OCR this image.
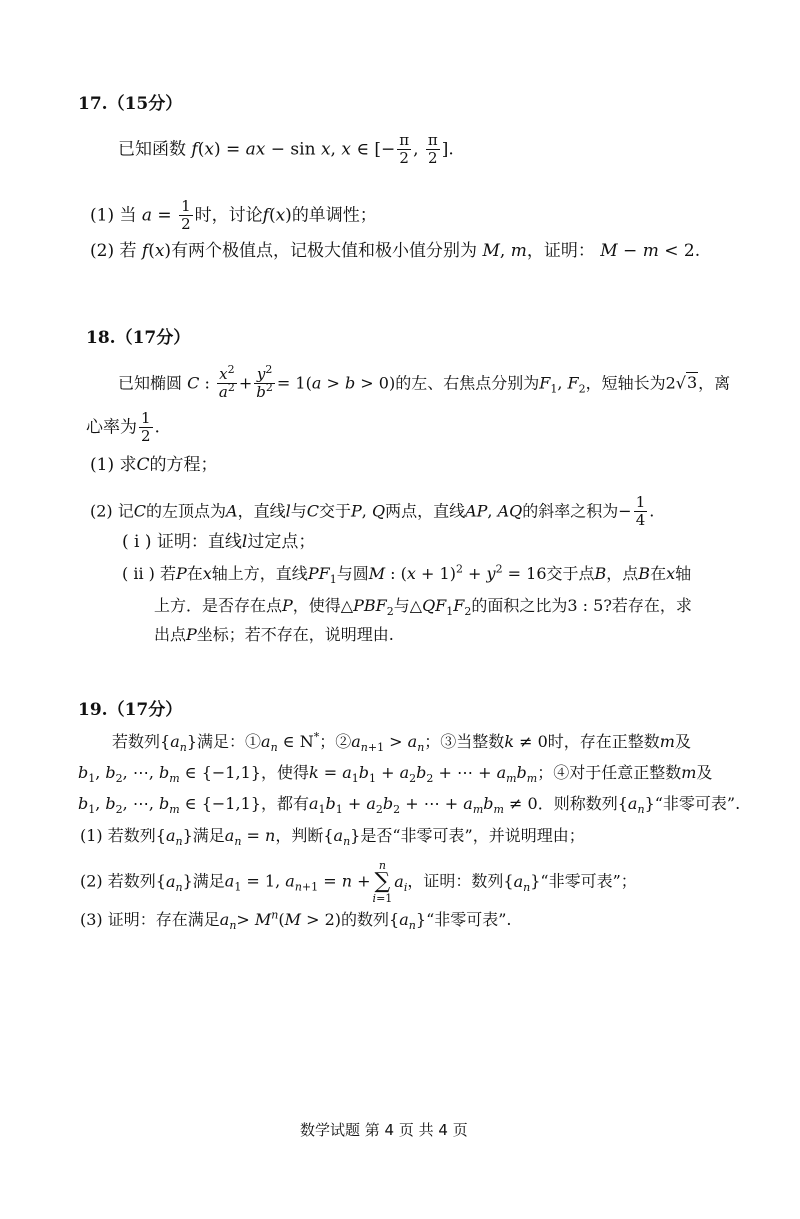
17.（15分）
已知函数 f(x) = ax − sin x, x ∈ [− $\frac{\pi}{2}$ , $\frac{\pi}{2}$ ].
(1) 当 $a = \frac{1}{2}$ 时，讨论f(x)的单调性；
(2) 若 f(x)有两个极值点，记极大值和极小值分别为 M, m，证明： M − m < 2.
18.（17分）
已知椭圆 C : $\frac{x^2}{a^2} + \frac{y^2}{b^2} = 1(a > b > 0)$的左、右焦点分别为$F_1$, $F_2$，短轴长为2√3，离
心率为 $\frac{1}{2}$ .
(1) 求C的方程；
(2) 记C的左顶点为A，直线l与C交于P, Q两点，直线AP, AQ的斜率之积为− $\frac{1}{4}$ .
( i ) 证明：直线l过定点；
( ii ) 若P在x轴上方，直线$PF_1$与圆M : $(x + 1)^2 + y^2 = 16$交于点B，点B在x轴
上方．是否存在点P，使得$\triangle PBF_2$与$\triangle QF_1F_2$的面积之比为3 : 5?若存在，求
出点P坐标；若不存在，说明理由.
19.（17分）
若数列$\{a_n\}$满足：$①a_n$ ∈ N*；$②a_{n+1} > a_n$；③当整数k ≠ 0时，存在正整数m及
$b_1$, $b_2$, ⋯, $b_m$ ∈ {−1,1}，使得$k = a_1b_1 + a_2b_2$ + ⋯ + $a_mb_m$；④对于任意正整数m及
$b_1$, $b_2$, ⋯, $b_m$ ∈ {−1,1}，都有$a_1b_1 + a_2b_2$ + ⋯ + $a_mb_m \ne 0$．则称数列$\{a_n\}“$非零可表”.
(1) 若数列$\{a_n\}$满足$a_n = n$，判断$\{a_n\}$是否“非零可表”，并说明理由；
(2) 若数列$\{a_n\}$满足$a_1 = 1$, $a_{n+1} = n +n$
∑
$i=1a_i$，证明：数列$\{a_n\}“$非零可表”；
(3) 证明：存在满足$a_n> M^n(M > 2)$的数列$\{a_n\}“$非零可表”.
数学试题 第 4 页 共 4 页
